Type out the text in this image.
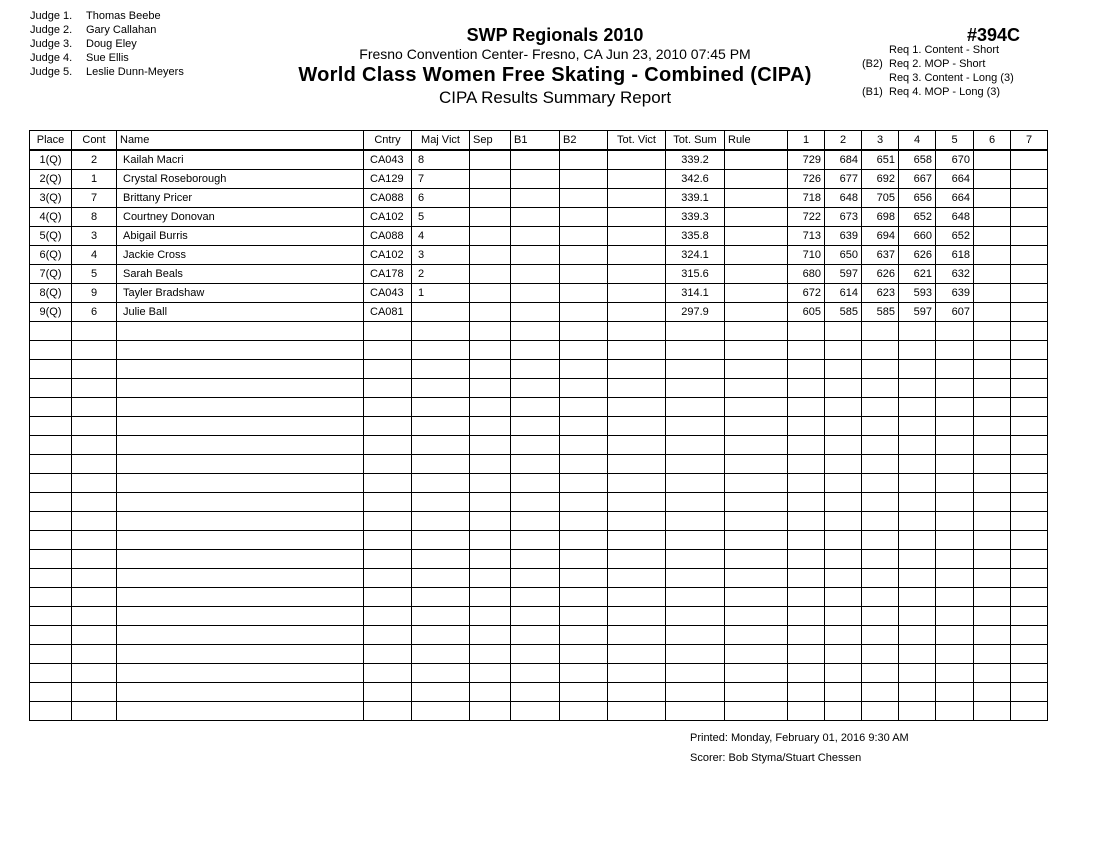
Judge 1. Thomas Beebe
Judge 2. Gary Callahan
Judge 3. Doug Eley
Judge 4. Sue Ellis
Judge 5. Leslie Dunn-Meyers
SWP Regionals 2010
Fresno Convention Center- Fresno, CA Jun 23, 2010 07:45 PM
World Class Women Free Skating - Combined (CIPA)
CIPA Results Summary Report
#394C
Req 1. Content - Short
(B2) Req 2. MOP - Short
Req 3. Content - Long (3)
(B1) Req 4. MOP - Long (3)
Place	Cont	Name	Cntry	Maj Vict	Sep	B1	B2	Tot. Vict	Tot. Sum	Rule	1	2	3	4	5	6	7
1(Q)	2	Kailah Macri	CA043	8					339.2		729	684	651	658	670		
2(Q)	1	Crystal Roseborough	CA129	7					342.6		726	677	692	667	664		
3(Q)	7	Brittany Pricer	CA088	6					339.1		718	648	705	656	664		
4(Q)	8	Courtney Donovan	CA102	5					339.3		722	673	698	652	648		
5(Q)	3	Abigail Burris	CA088	4					335.8		713	639	694	660	652		
6(Q)	4	Jackie Cross	CA102	3					324.1		710	650	637	626	618		
7(Q)	5	Sarah Beals	CA178	2					315.6		680	597	626	621	632		
8(Q)	9	Tayler Bradshaw	CA043	1					314.1		672	614	623	593	639		
9(Q)	6	Julie Ball	CA081						297.9		605	585	585	597	607		

Printed: Monday, February 01, 2016 9:30 AM
Scorer: Bob Styma/Stuart Chessen
